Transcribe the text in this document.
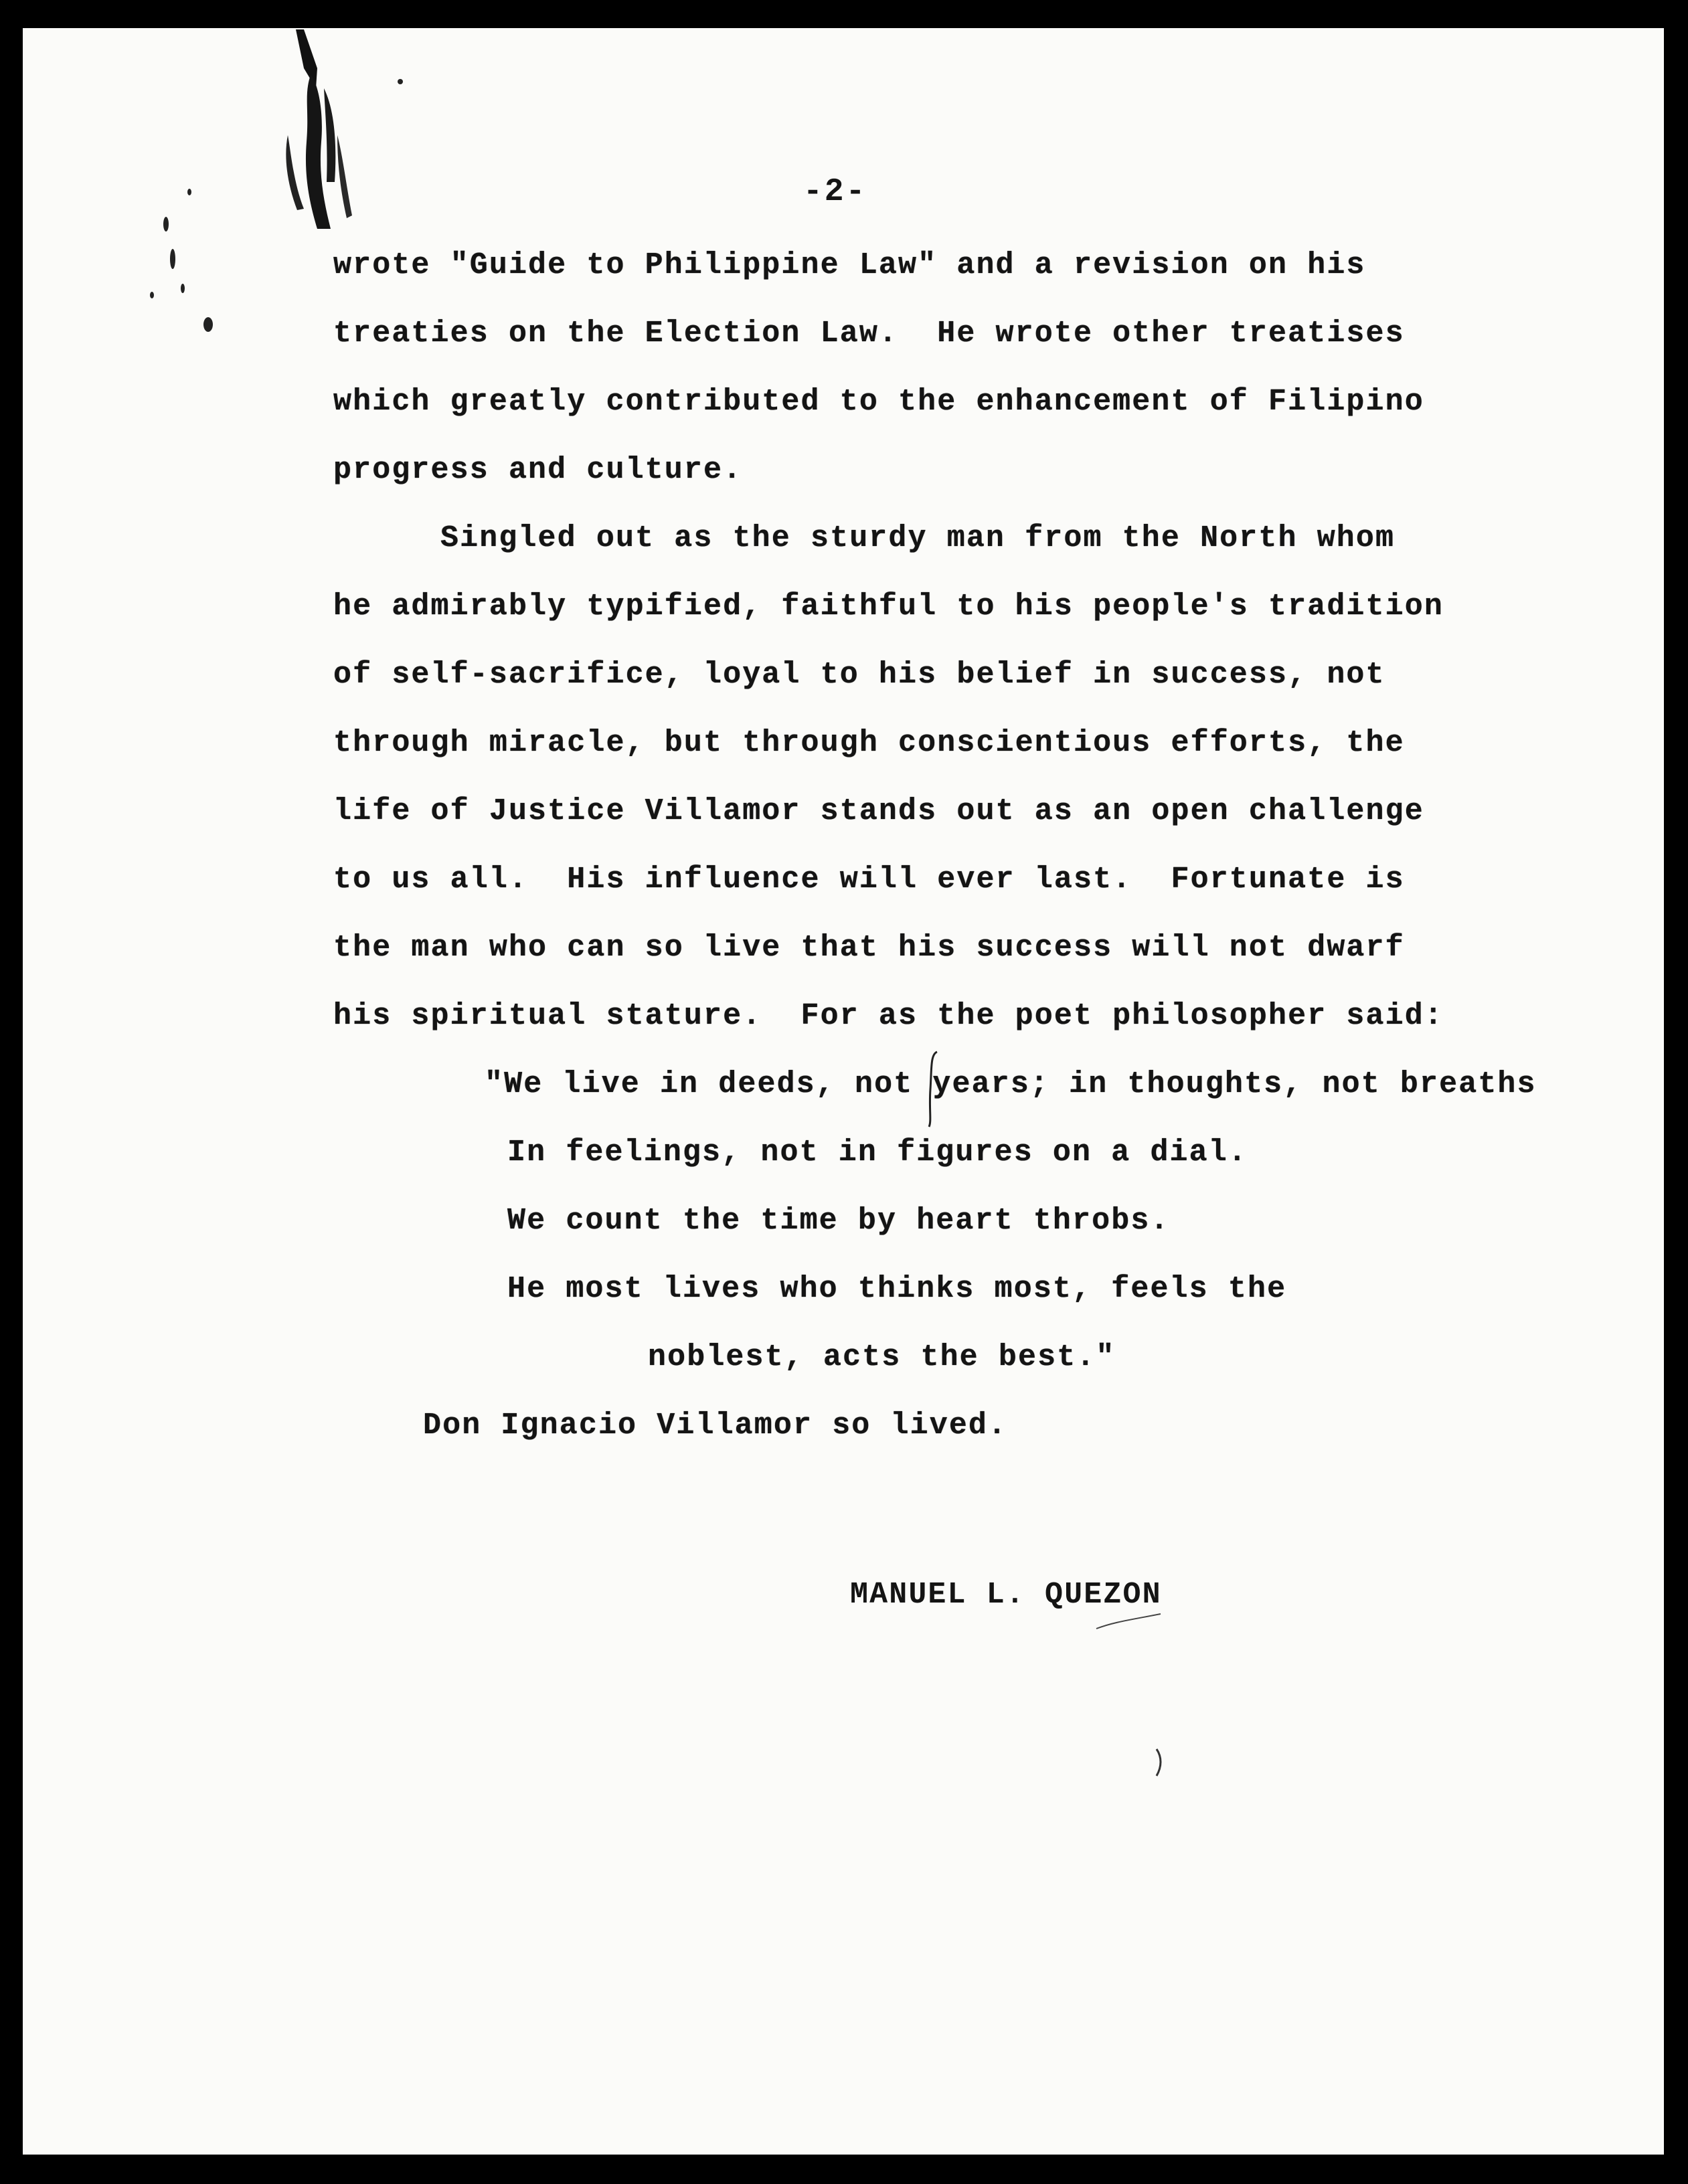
-2-
wrote "Guide to Philippine Law" and a revision on his
treaties on the Election Law.  He wrote other treatises
which greatly contributed to the enhancement of Filipino
progress and culture.
Singled out as the sturdy man from the North whom
he admirably typified, faithful to his people's tradition
of self-sacrifice, loyal to his belief in success, not
through miracle, but through conscientious efforts, the
life of Justice Villamor stands out as an open challenge
to us all.  His influence will ever last.  Fortunate is
the man who can so live that his success will not dwarf
his spiritual stature.  For as the poet philosopher said:
"We live in deeds, not years; in thoughts, not breaths
In feelings, not in figures on a dial.
We count the time by heart throbs.
He most lives who thinks most, feels the
noblest, acts the best."
Don Ignacio Villamor so lived.
MANUEL L. QUEZON
